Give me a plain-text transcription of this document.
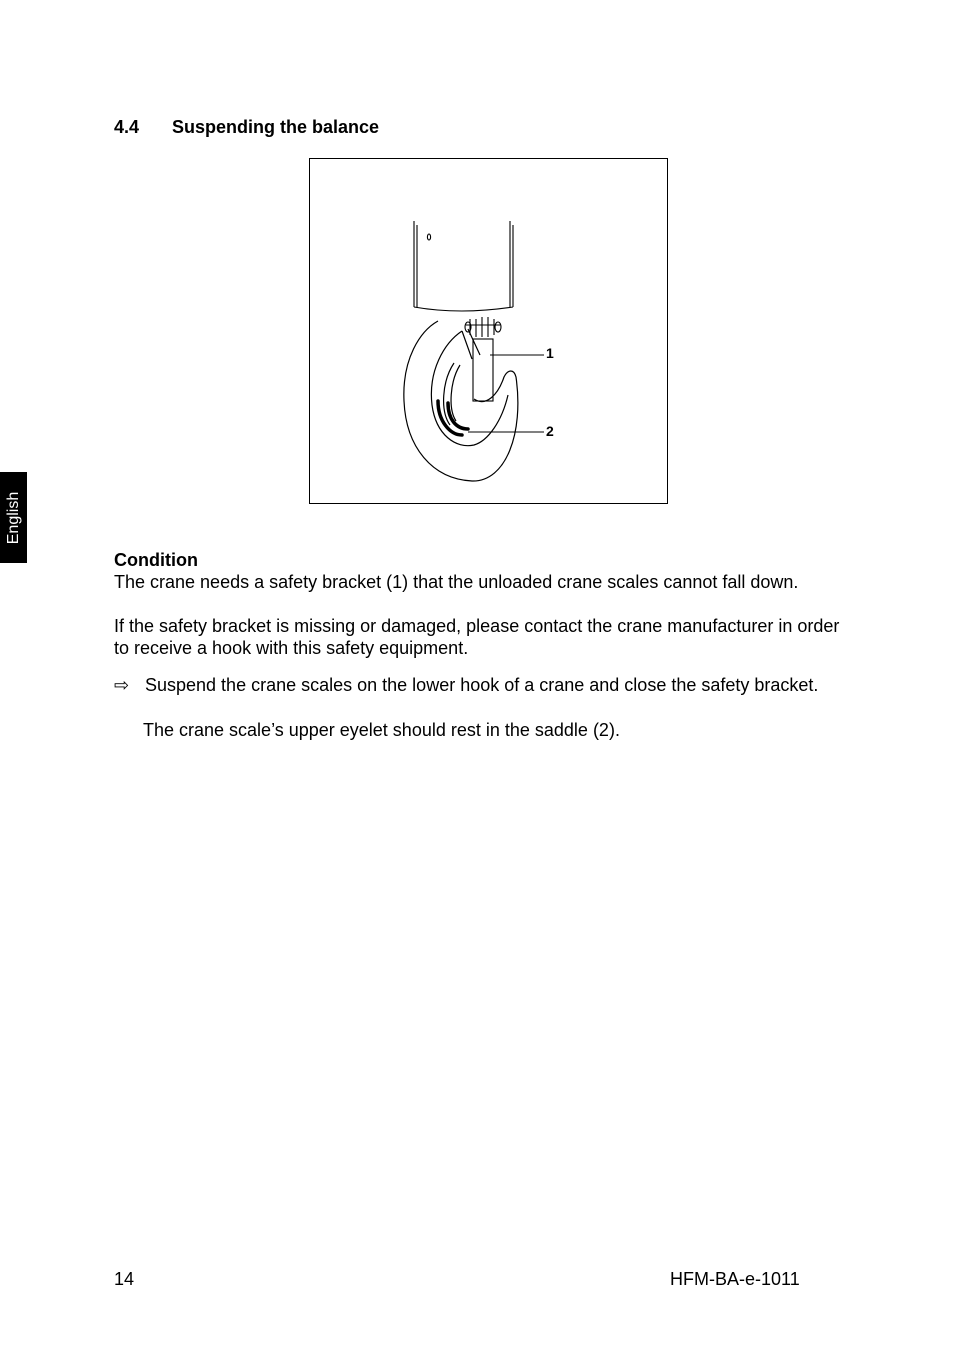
4.4 Suspending the balance
1
2
English
Condition
The crane needs a safety bracket (1) that the unloaded crane scales cannot fall down.
If the safety bracket is missing or damaged, please contact the crane manufacturer in order to receive a hook with this safety equipment.
⇨ Suspend the crane scales on the lower hook of a crane and close the safety bracket.
The crane scale’s upper eyelet should rest in the saddle (2).
14	HFM-BA-e-1011
